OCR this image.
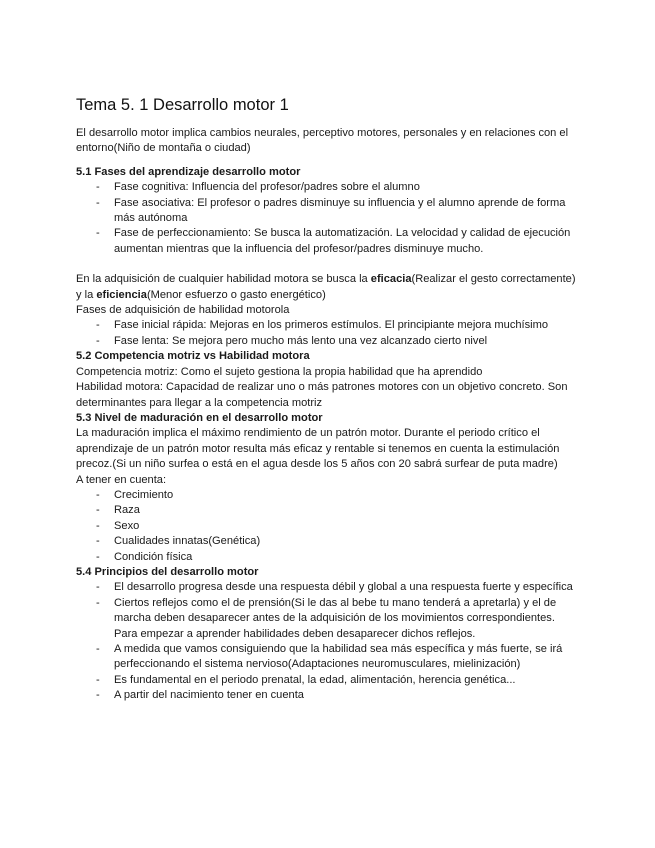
Tema 5. 1 Desarrollo motor 1

El desarrollo motor implica cambios neurales, perceptivo motores, personales y en relaciones con el entorno(Niño de montaña o ciudad)

5.1 Fases del aprendizaje desarrollo motor
- Fase cognitiva: Influencia del profesor/padres sobre el alumno
- Fase asociativa: El profesor o padres disminuye su influencia y el alumno aprende de forma más autónoma
- Fase de perfeccionamiento: Se busca la automatización. La velocidad y calidad de ejecución aumentan mientras que la influencia del profesor/padres disminuye mucho.

En la adquisición de cualquier habilidad motora se busca la eficacia(Realizar el gesto correctamente) y la eficiencia(Menor esfuerzo o gasto energético)

Fases de adquisición de habilidad motorola

- Fase inicial rápida: Mejoras en los primeros estímulos. El principiante mejora muchísimo
- Fase lenta: Se mejora pero mucho más lento una vez alcanzado cierto nivel
5.2 Competencia motriz vs Habilidad motora

Competencia motriz: Como el sujeto gestiona la propia habilidad que ha aprendido

Habilidad motora: Capacidad de realizar uno o más patrones motores con un objetivo concreto. Son determinantes para llegar a la competencia motriz

5.3 Nivel de maduración en el desarrollo motor

La maduración implica el máximo rendimiento de un patrón motor. Durante el periodo crítico el aprendizaje de un patrón motor resulta más eficaz y rentable si tenemos en cuenta la estimulación precoz.(Si un niño surfea o está en el agua desde los 5 años con 20 sabrá surfear de puta madre)

A tener en cuenta:

- Crecimiento
- Raza
- Sexo
- Cualidades innatas(Genética)
- Condición física
5.4 Principios del desarrollo motor
- El desarrollo progresa desde una respuesta débil y global a una respuesta fuerte y específica
- Ciertos reflejos como el de prensión(Si le das al bebe tu mano tenderá a apretarla) y el de marcha deben desaparecer antes de la adquisición de los movimientos correspondientes. Para empezar a aprender habilidades deben desaparecer dichos reflejos.
- A medida que vamos consiguiendo que la habilidad sea más específica y más fuerte, se irá perfeccionando el sistema nervioso(Adaptaciones neuromusculares, mielinización)
- Es fundamental en el periodo prenatal, la edad, alimentación, herencia genética...
- A partir del nacimiento tener en cuenta
